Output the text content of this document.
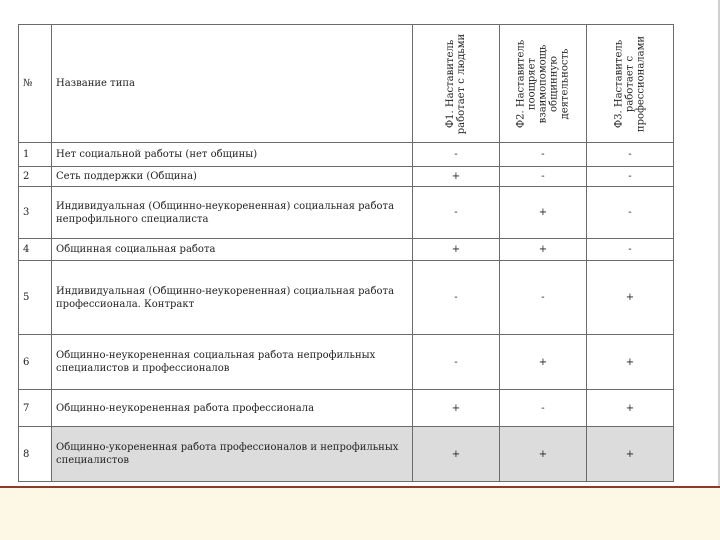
№	Название типа	Ф1. Наставитель работает с людьми	Ф2. Наставитель поощряет взаимопомощь общинную деятельность	Ф3. Наставитель работает с профессионалами

1	Нет социальной работы (нет общины)	-	-	-
2	Сеть поддержки (Община)	+	-	-
3	Индивидуальная (Общинно-неукорененная) социальная работа непрофильного специалиста	-	+	-
4	Общинная социальная работа	+	+	-
5	Индивидуальная (Общинно-неукорененная) социальная работа профессионала. Контракт	-	-	+
6	Общинно-неукорененная социальная работа непрофильных специалистов и профессионалов	-	+	+
7	Общинно-неукорененная работа профессионала	+	-	+
8	Общинно-укорененная работа профессионалов и непрофильных специалистов	+	+	+
